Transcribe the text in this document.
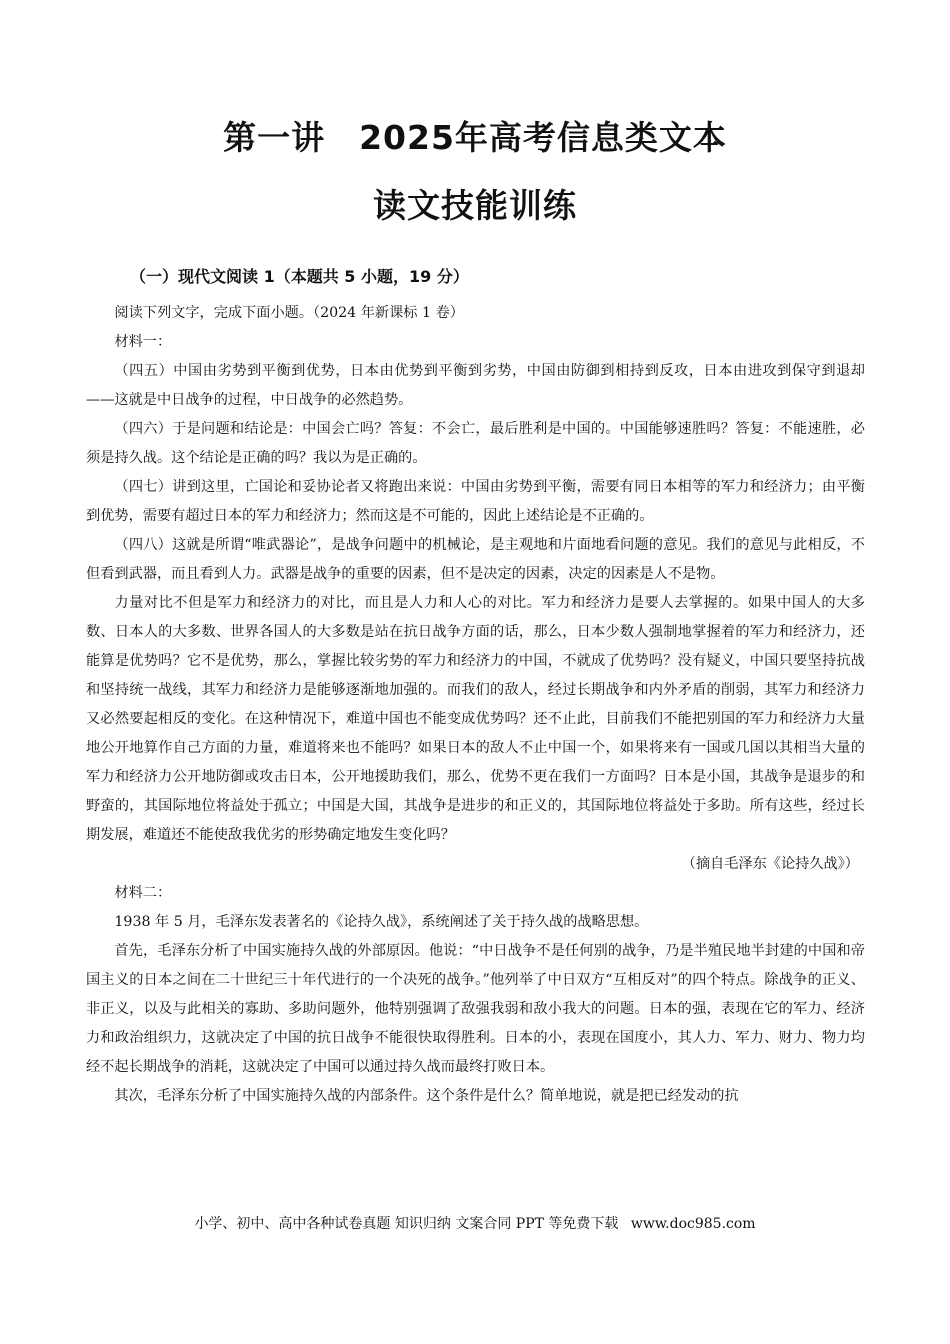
第一讲　2025年高考信息类文本
读文技能训练
（一）现代文阅读 1（本题共 5 小题，19 分）

阅读下列文字，完成下面小题。（2024 年新课标 1 卷）

材料一：

（四五）中国由劣势到平衡到优势，日本由优势到平衡到劣势，中国由防御到相持到反攻，日本由进攻到保守到退却——这就是中日战争的过程，中日战争的必然趋势。

（四六）于是问题和结论是：中国会亡吗？答复：不会亡，最后胜利是中国的。中国能够速胜吗？答复：不能速胜，必须是持久战。这个结论是正确的吗？我以为是正确的。

（四七）讲到这里，亡国论和妥协论者又将跑出来说：中国由劣势到平衡，需要有同日本相等的军力和经济力；由平衡到优势，需要有超过日本的军力和经济力；然而这是不可能的，因此上述结论是不正确的。

（四八）这就是所谓“唯武器论”，是战争问题中的机械论，是主观地和片面地看问题的意见。我们的意见与此相反，不但看到武器，而且看到人力。武器是战争的重要的因素，但不是决定的因素，决定的因素是人不是物。

力量对比不但是军力和经济力的对比，而且是人力和人心的对比。军力和经济力是要人去掌握的。如果中国人的大多数、日本人的大多数、世界各国人的大多数是站在抗日战争方面的话，那么，日本少数人强制地掌握着的军力和经济力，还能算是优势吗？它不是优势，那么，掌握比较劣势的军力和经济力的中国，不就成了优势吗？没有疑义，中国只要坚持抗战和坚持统一战线，其军力和经济力是能够逐渐地加强的。而我们的敌人，经过长期战争和内外矛盾的削弱，其军力和经济力又必然要起相反的变化。在这种情况下，难道中国也不能变成优势吗？还不止此，目前我们不能把别国的军力和经济力大量地公开地算作自己方面的力量，难道将来也不能吗？如果日本的敌人不止中国一个，如果将来有一国或几国以其相当大量的军力和经济力公开地防御或攻击日本，公开地援助我们，那么，优势不更在我们一方面吗？日本是小国，其战争是退步的和野蛮的，其国际地位将益处于孤立；中国是大国，其战争是进步的和正义的，其国际地位将益处于多助。所有这些，经过长期发展，难道还不能使敌我优劣的形势确定地发生变化吗？

（摘自毛泽东《论持久战》）

材料二：

1938 年 5 月，毛泽东发表著名的《论持久战》，系统阐述了关于持久战的战略思想。

首先，毛泽东分析了中国实施持久战的外部原因。他说：“中日战争不是任何别的战争，乃是半殖民地半封建的中国和帝国主义的日本之间在二十世纪三十年代进行的一个决死的战争。”他列举了中日双方“互相反对”的四个特点。除战争的正义、非正义，以及与此相关的寡助、多助问题外，他特别强调了敌强我弱和敌小我大的问题。日本的强，表现在它的军力、经济力和政治组织力，这就决定了中国的抗日战争不能很快取得胜利。日本的小，表现在国度小，其人力、军力、财力、物力均经不起长期战争的消耗，这就决定了中国可以通过持久战而最终打败日本。

其次，毛泽东分析了中国实施持久战的内部条件。这个条件是什么？简单地说，就是把已经发动的抗

小学、初中、高中各种试卷真题 知识归纳 文案合同 PPT 等免费下载 www.doc985.com
